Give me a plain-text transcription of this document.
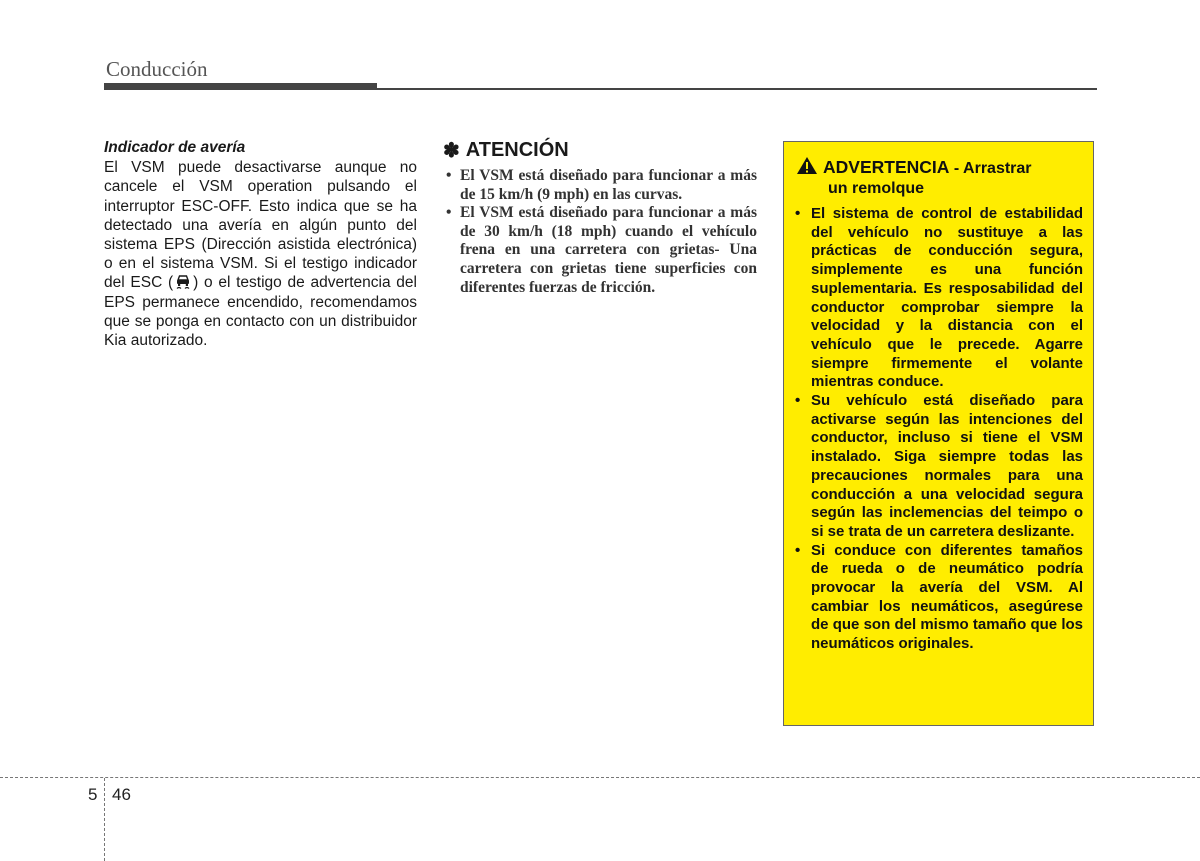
Conducción
Indicador de avería

El VSM puede desactivarse aunque no cancele el VSM operation pulsando el interruptor ESC-OFF. Esto indica que se ha detectado una avería en algún punto del sistema EPS (Dirección asistida electrónica) o en el sistema VSM. Si el testigo indicador del ESC ( ) o el testigo de advertencia del EPS permanece encendido, recomendamos que se ponga en contacto con un distribuidor Kia autorizado.

✽ ATENCIÓN
• El VSM está diseñado para funcionar a más de 15 km/h (9 mph) en las curvas.
• El VSM está diseñado para funcionar a más de 30 km/h (18 mph) cuando el vehículo frena en una carretera con grietas- Una carretera con grietas tiene superficies con diferentes fuerzas de fricción.
ADVERTENCIA - Arrastrar
un remolque
• El sistema de control de estabilidad del vehículo no sustituye a las prácticas de conducción segura, simplemente es una función suplementaria. Es resposabilidad del conductor comprobar siempre la velocidad y la distancia con el vehículo que le precede. Agarre siempre firmemente el volante mientras conduce.
• Su vehículo está diseñado para activarse según las intenciones del conductor, incluso si tiene el VSM instalado. Siga siempre todas las precauciones normales para una conducción a una velocidad segura según las inclemencias del teimpo o si se trata de un carretera deslizante.
• Si conduce con diferentes tamaños de rueda o de neumático podría provocar la avería del VSM. Al cambiar los neumáticos, asegúrese de que son del mismo tamaño que los neumáticos originales.
5 46
